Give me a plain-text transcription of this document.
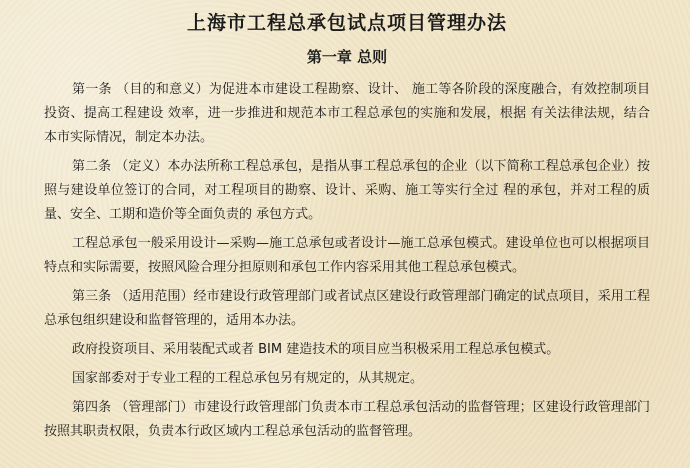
上海市工程总承包试点项目管理办法
第一章 总则

第一条 （目的和意义）为促进本市建设工程勘察、设计、 施工等各阶段的深度融合，有效控制项目投资、提高工程建设 效率，进一步推进和规范本市工程总承包的实施和发展，根据 有关法律法规，结合本市实际情况，制定本办法。

第二条 （定义）本办法所称工程总承包，是指从事工程总承包的企业（以下简称工程总承包企业）按照与建设单位签订的合同，对工程项目的勘察、设计、采购、施工等实行全过 程的承包，并对工程的质量、安全、工期和造价等全面负责的 承包方式。

工程总承包一般采用设计—采购—施工总承包或者设计—施工总承包模式。建设单位也可以根据项目特点和实际需要，按照风险合理分担原则和承包工作内容采用其他工程总承包模式。

第三条 （适用范围）经市建设行政管理部门或者试点区建设行政管理部门确定的试点项目，采用工程总承包组织建设和监督管理的，适用本办法。

政府投资项目、采用装配式或者 BIM 建造技术的项目应当积极采用工程总承包模式。

国家部委对于专业工程的工程总承包另有规定的，从其规定。

第四条 （管理部门）市建设行政管理部门负责本市工程总承包活动的监督管理；区建设行政管理部门按照其职责权限，负责本行政区域内工程总承包活动的监督管理。
